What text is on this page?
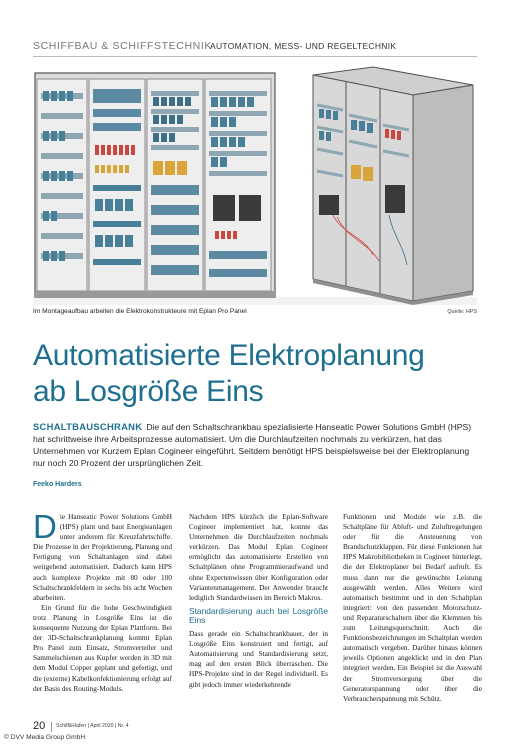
SCHIFFBAU & SCHIFFSTECHNIK
AUTOMATION, MESS- UND REGELTECHNIK
Im Montageaufbau arbeiten die Elektrokonstrukteure mit Eplan Pro Panel	Quelle: HPS
Automatisierte Elektroplanung
ab Losgröße Eins
SCHALTBAUSCHRANK Die auf den Schaltschrankbau spezialisierte Hanseatic Power Solutions GmbH (HPS) hat schrittweise ihre Arbeitsprozesse automatisiert. Um die Durchlaufzeiten nochmals zu verkürzen, hat das Unternehmen vor Kurzem Eplan Cogineer eingeführt. Seitdem benötigt HPS beispielsweise bei der Elektroplanung nur noch 20 Prozent der ursprünglichen Zeit.
Feeko Harders

Die Hanseatic Power Solutions GmbH (HPS) plant und baut Energieanlagen unter anderem für Kreuzfahrtschiffe. Die Prozesse in der Projektierung, Planung und Fertigung von Schaltanlagen sind dabei weitgehend automatisiert. Dadurch kann HPS auch komplexe Projekte mit 80 oder 100 Schaltschrankfeldern in sechs bis acht Wochen abarbeiten.

Ein Grund für die hohe Geschwindigkeit trotz Planung in Losgröße Eins ist die konsequente Nutzung der Eplan Plattform. Bei der 3D-Schaltschrankplanung kommt Eplan Pro Panel zum Einsatz, Stromverteiler und Sammelschienen aus Kupfer werden in 3D mit dem Modul Copper geplant und gefertigt, und die (externe) Kabelkonfektionierung erfolgt auf der Basis des Routing-Moduls.

Nachdem HPS kürzlich die Eplan-Software Cogineer implementiert hat, konnte das Unternehmen die Durchlaufzeiten nochmals verkürzen. Das Modul Eplan Cogineer ermöglicht das automatisierte Erstellen von Schaltplänen ohne Programmieraufwand und ohne Expertenwissen über Konfiguration oder Variantenmanagement. Der Anwender braucht lediglich Standardwissen im Bereich Makros.

Standardisierung auch bei Losgröße Eins

Dass gerade ein Schaltschrankbauer, der in Losgröße Eins konstruiert und fertigt, auf Automatisierung und Standardisierung setzt, mag auf den ersten Blick überraschen. Die HPS-Projekte sind in der Regel individuell. Es gibt jedoch immer wiederkehrende

Funktionen und Module wie z.B. die Schaltpläne für Abluft- und Zuluftregelungen oder für die Ansteuerung von Brandschutzklappen. Für diese Funktionen hat HPS Makrobibliotheken in Cogineer hinterlegt, die der Elektroplaner bei Bedarf aufruft. Es muss dann nur die gewünschte Leistung ausgewählt werden. Alles Weitere wird automatisch bestimmt und in den Schaltplan integriert: von den passenden Motorschutz- und Reparaturschaltern über die Klemmen bis zum Leitungsquerschnitt. Auch die Funktionsbezeichnungen im Schaltplan werden automatisch vergeben. Darüber hinaus können jeweils Optionen angeklickt und in den Plan integriert werden. Ein Beispiel ist die Auswahl der Stromversorgung über die Generatorspannung oder über die Verbraucherspannung mit Schütz.

20 Schiff&Hafen | April 2020 | Nr. 4
© DVV Media Group GmbH
